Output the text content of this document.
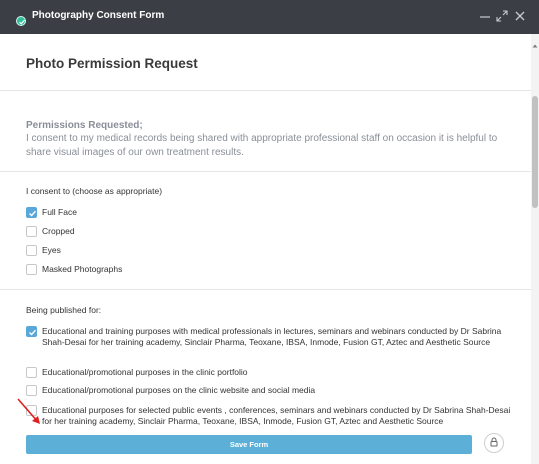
Photography Consent Form
Photo Permission Request
Permissions Requested;
I consent to my medical records being shared with appropriate professional staff on occasion it is helpful to share visual images of our own treatment results.
I consent to (choose as appropriate)
Full Face
Cropped
Eyes
Masked Photographs
Being published for:
Educational and training purposes with medical professionals in lectures, seminars and webinars conducted by Dr Sabrina Shah-Desai for her training academy, Sinclair Pharma, Teoxane, IBSA, Inmode, Fusion GT, Aztec and Aesthetic Source
Educational/promotional purposes in the clinic portfolio
Educational/promotional purposes on the clinic website and social media
Educational purposes for selected public events , conferences, seminars and webinars conducted by Dr Sabrina Shah-Desai for her training academy, Sinclair Pharma, Teoxane, IBSA, Inmode, Fusion GT, Aztec and Aesthetic Source
Save Form
